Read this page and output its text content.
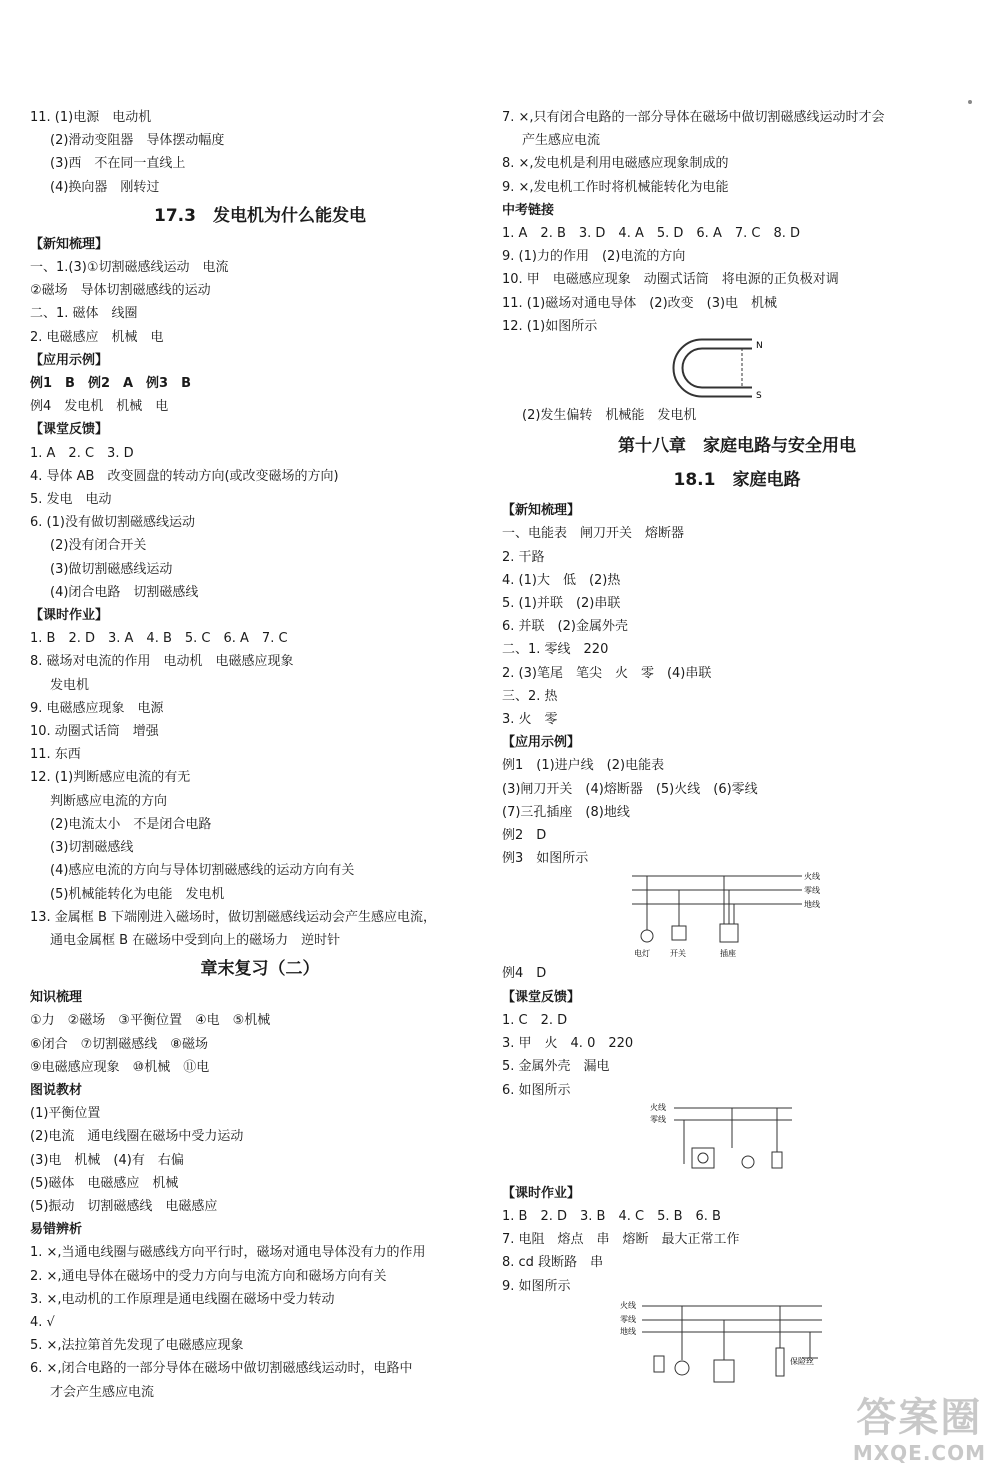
11. (1)电源　电动机
(2)滑动变阻器　导体摆动幅度
(3)西　不在同一直线上
(4)换向器　刚转过
17.3　发电机为什么能发电
【新知梳理】
一、1.(3)①切割磁感线运动　电流
②磁场　导体切割磁感线的运动
二、1. 磁体　线圈
2. 电磁感应　机械　电
【应用示例】
例1　B　例2　A　例3　B
例4　发电机　机械　电
【课堂反馈】
1. A　2. C　3. D
4. 导体 AB　改变圆盘的转动方向(或改变磁场的方向)
5. 发电　电动
6. (1)没有做切割磁感线运动
(2)没有闭合开关
(3)做切割磁感线运动
(4)闭合电路　切割磁感线
【课时作业】
1. B　2. D　3. A　4. B　5. C　6. A　7. C
8. 磁场对电流的作用　电动机　电磁感应现象
发电机
9. 电磁感应现象　电源
10. 动圈式话筒　增强
11. 东西
12. (1)判断感应电流的有无
判断感应电流的方向
(2)电流太小　不是闭合电路
(3)切割磁感线
(4)感应电流的方向与导体切割磁感线的运动方向有关
(5)机械能转化为电能　发电机
13. 金属框 B 下端刚进入磁场时，做切割磁感线运动会产生感应电流，
通电金属框 B 在磁场中受到向上的磁场力　逆时针
章末复习（二）
知识梳理
①力　②磁场　③平衡位置　④电　⑤机械
⑥闭合　⑦切割磁感线　⑧磁场
⑨电磁感应现象　⑩机械　⑪电
图说教材
(1)平衡位置
(2)电流　通电线圈在磁场中受力运动
(3)电　机械　(4)有　右偏
(5)磁体　电磁感应　机械
(5)振动　切割磁感线　电磁感应
易错辨析
1. ×,当通电线圈与磁感线方向平行时，磁场对通电导体没有力的作用
2. ×,通电导体在磁场中的受力方向与电流方向和磁场方向有关
3. ×,电动机的工作原理是通电线圈在磁场中受力转动
4. √
5. ×,法拉第首先发现了电磁感应现象
6. ×,闭合电路的一部分导体在磁场中做切割磁感线运动时，电路中
才会产生感应电流
7. ×,只有闭合电路的一部分导体在磁场中做切割磁感线运动时才会
产生感应电流
8. ×,发电机是利用电磁感应现象制成的
9. ×,发电机工作时将机械能转化为电能
中考链接
1. A　2. B　3. D　4. A　5. D　6. A　7. C　8. D
9. (1)力的作用　(2)电流的方向
10. 甲　电磁感应现象　动圈式话筒　将电源的正负极对调
11. (1)磁场对通电导体　(2)改变　(3)电　机械
12. (1)如图所示
N
S
(2)发生偏转　机械能　发电机
第十八章　家庭电路与安全用电
18.1　家庭电路
【新知梳理】
一、电能表　闸刀开关　熔断器
2. 干路
4. (1)大　低　(2)热
5. (1)并联　(2)串联
6. 并联　(2)金属外壳
二、1. 零线　220
2. (3)笔尾　笔尖　火　零　(4)串联
三、2. 热
3. 火　零
【应用示例】
例1　(1)进户线　(2)电能表
(3)闸刀开关　(4)熔断器　(5)火线　(6)零线
(7)三孔插座　(8)地线
例2　D
例3　如图所示
火线
零线
地线
电灯	开关	插座
例4　D
【课堂反馈】
1. C　2. D
3. 甲　火　4. 0　220
5. 金属外壳　漏电
6. 如图所示
火线
零线
【课时作业】
1. B　2. D　3. B　4. C　5. B　6. B
7. 电阻　熔点　串　熔断　最大正常工作
8. cd 段断路　串
9. 如图所示
火线
零线
地线
保险丝
答案圈
MXQE.COM
